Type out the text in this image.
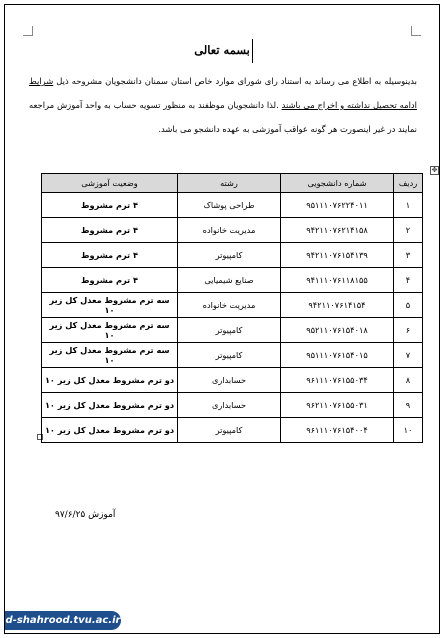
بسمه تعالی
بدینوسیله به اطلاع می رساند به استناد رای شورای موارد خاص استان سمنان دانشجویان مشروحه ذیل شرایط ادامه تحصیل نداشته و اخراج می باشند .لذا دانشجویان موظفند به منظور تسویه حساب به واحد آموزش مراجعه نمایند در غیر اینصورت هر گونه عواقب آموزشی به عهده دانشجو می باشد.
✥
آموزش ۹۷/۶/۲۵
ردیف	شماره دانشجویی	رشته	وضعیت آموزشی
۱	۹۵۱۱۱۰۷۶۲۲۴۰۱۱	طراحی پوشاک	۴ ترم مشروط
۲	۹۴۲۱۱۰۷۶۲۱۴۱۵۸	مدیریت خانواده	۴ ترم مشروط
۳	۹۴۲۱۱۰۷۶۱۵۴۱۳۹	کامپیوتر	۴ ترم مشروط
۴	۹۴۱۱۱۰۷۶۱۱۸۱۵۵	صنایع شیمیایی	۴ ترم مشروط
۵	۹۴۲۱۱۰۷۶۱۴۱۵۴	مدیریت خانواده	سه ترم مشروط معدل کل زیر ۱۰
۶	۹۵۲۱۱۰۷۶۱۵۴۰۱۸	کامپیوتر	سه ترم مشروط معدل کل زیر ۱۰
۷	۹۵۱۱۱۰۷۶۱۵۴۰۱۵	کامپیوتر	سه ترم مشروط معدل کل زیر ۱۰
۸	۹۶۱۱۱۰۷۶۱۵۵۰۳۴	حسابداری	دو ترم مشروط معدل کل زیر ۱۰
۹	۹۶۲۱۱۰۷۶۱۵۵۰۳۱	حسابداری	دو ترم مشروط معدل کل زیر ۱۰
۱۰	۹۶۱۱۱۰۷۶۱۵۴۰۰۴	کامپیوتر	دو ترم مشروط معدل کل زیر ۱۰
d-shahrood.tvu.ac.ir
